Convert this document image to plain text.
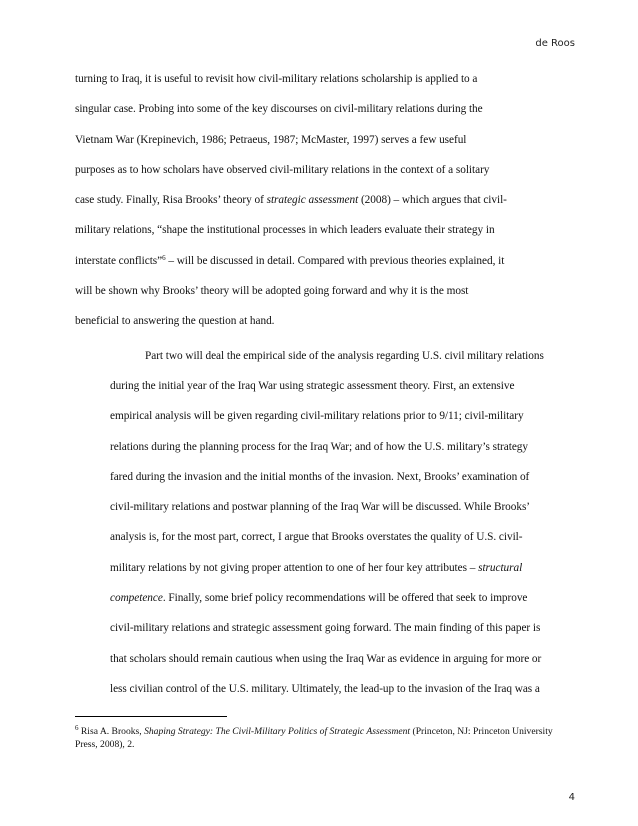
de Roos

turning to Iraq, it is useful to revisit how civil-military relations scholarship is applied to a
singular case. Probing into some of the key discourses on civil-military relations during the
Vietnam War (Krepinevich, 1986; Petraeus, 1987; McMaster, 1997) serves a few useful
purposes as to how scholars have observed civil-military relations in the context of a solitary
case study. Finally, Risa Brooks’ theory of strategic assessment (2008) – which argues that civil-
military relations, “shape the institutional processes in which leaders evaluate their strategy in
interstate conflicts”$^6$ – will be discussed in detail. Compared with previous theories explained, it
will be shown why Brooks’ theory will be adopted going forward and why it is the most
beneficial to answering the question at hand.

Part two will deal the empirical side of the analysis regarding U.S. civil military relations
during the initial year of the Iraq War using strategic assessment theory. First, an extensive
empirical analysis will be given regarding civil-military relations prior to 9/11; civil-military
relations during the planning process for the Iraq War; and of how the U.S. military’s strategy
fared during the invasion and the initial months of the invasion. Next, Brooks’ examination of
civil-military relations and postwar planning of the Iraq War will be discussed. While Brooks’
analysis is, for the most part, correct, I argue that Brooks overstates the quality of U.S. civil-
military relations by not giving proper attention to one of her four key attributes – structural
competence. Finally, some brief policy recommendations will be offered that seek to improve
civil-military relations and strategic assessment going forward. The main finding of this paper is
that scholars should remain cautious when using the Iraq War as evidence in arguing for more or
less civilian control of the U.S. military. Ultimately, the lead-up to the invasion of the Iraq was a

$^6$ Risa A. Brooks, Shaping Strategy: The Civil-Military Politics of Strategic Assessment (Princeton, NJ: Princeton University Press, 2008), 2.
4
